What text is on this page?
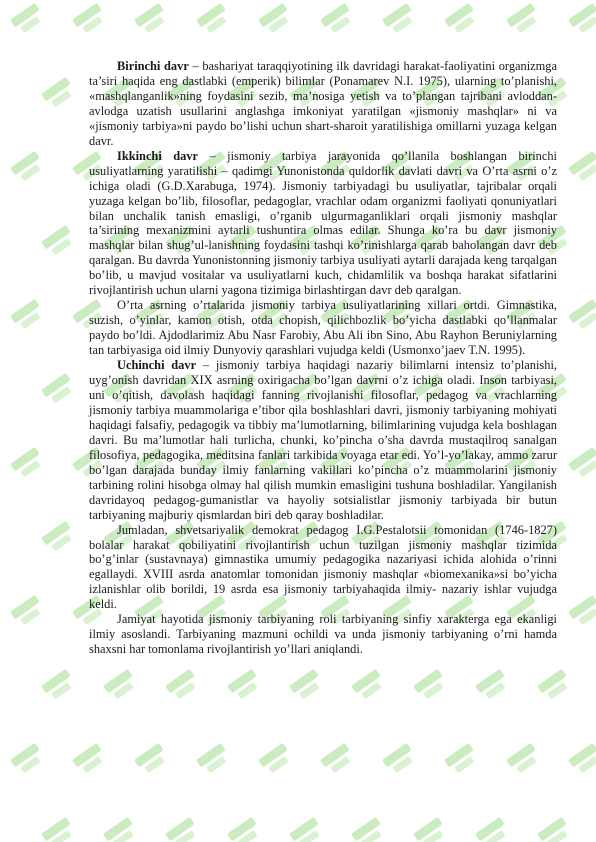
Birinchi davr – bashariyat taraqqiyotining ilk davridagi harakat-faoliyatini organizmga ta’siri haqida eng dastlabki (emperik) bilimlar (Ponamarev N.I. 1975), ularning to’planishi, «mashqlanganlik»ning foydasini sezib, ma’nosiga yetish va to’plangan tajribani avloddan-avlodga uzatish usullarini anglashga imkoniyat yaratilgan «jismoniy mashqlar» ni va «jismoniy tarbiya»ni paydo bo’lishi uchun shart-sharoit yaratilishiga omillarni yuzaga kelgan davr.

Ikkinchi davr – jismoniy tarbiya jarayonida qo’llanila boshlangan birinchi usuliyatlarning yaratilishi – qadimgi Yunonistonda quldorlik davlati davri va O’rta asrni o’z ichiga oladi (G.D.Xarabuga, 1974). Jismoniy tarbiyadagi bu usuliyatlar, tajribalar orqali yuzaga kelgan bo’lib, filosoflar, pedagoglar, vrachlar odam organizmi faoliyati qonuniyatlari bilan unchalik tanish emasligi, o’rganib ulgurmaganliklari orqali jismoniy mashqlar ta’sirining mexanizmini aytarli tushuntira olmas edilar. Shunga ko’ra bu davr jismoniy mashqlar bilan shug’ul-lanishning foydasini tashqi ko’rinishlarga qarab baholangan davr deb qaralgan. Bu davrda Yunonistonning jismoniy tarbiya usuliyati aytarli darajada keng tarqalgan bo’lib, u mavjud vositalar va usuliyatlarni kuch, chidamlilik va boshqa harakat sifatlarini rivojlantirish uchun ularni yagona tizimiga birlashtirgan davr deb qaralgan.

O’rta asrning o’rtalarida jismoniy tarbiya usuliyatlarining xillari ortdi. Gimnastika, suzish, o’yinlar, kamon otish, otda chopish, qilichbozlik bo’yicha dastlabki qo’llanmalar paydo bo’ldi. Ajdodlarimiz Abu Nasr Farobiy, Abu Ali ibn Sino, Abu Rayhon Beruniylarning tan tarbiyasiga oid ilmiy Dunyoviy qarashlari vujudga keldi (Usmonxo’jaev T.N. 1995).

Uchinchi davr – jismoniy tarbiya haqidagi nazariy bilimlarni intensiz to’planishi, uyg’onish davridan XIX asrning oxirigacha bo’lgan davrni o’z ichiga oladi. Inson tarbiyasi, uni o’qitish, davolash haqidagi fanning rivojlanishi filosoflar, pedagog va vrachlarning jismoniy tarbiya muammolariga e’tibor qila boshlashlari davri, jismoniy tarbiyaning mohiyati haqidagi falsafiy, pedagogik va tibbiy ma’lumotlarning, bilimlarining vujudga kela boshlagan davri. Bu ma’lumotlar hali turlicha, chunki, ko’pincha o’sha davrda mustaqilroq sanalgan filosofiya, pedagogika, meditsina fanlari tarkibida voyaga etar edi. Yo’l-yo’lakay, ammo zarur bo’lgan darajada bunday ilmiy fanlarning vakillari ko’pincha o’z muammolarini jismoniy tarbining rolini hisobga olmay hal qilish mumkin emasligini tushuna boshladilar. Yangilanish davridayoq pedagog-gumanistlar va hayoliy sotsialistlar jismoniy tarbiyada bir butun tarbiyaning majburiy qismlardan biri deb qaray boshladilar.

Jumladan, shvetsariyalik demokrat pedagog I.G.Pestalotsii tomonidan (1746-1827) bolalar harakat qobiliyatini rivojlantirish uchun tuzilgan jismoniy mashqlar tizimida bo’g’inlar (sustavnaya) gimnastika umumiy pedagogika nazariyasi ichida alohida o’rinni egallaydi. XVIII asrda anatomlar tomonidan jismoniy mashqlar «biomexanika»si bo’yicha izlanishlar olib borildi, 19 asrda esa jismoniy tarbiyahaqida ilmiy- nazariy ishlar vujudga keldi.

Jamiyat hayotida jismoniy tarbiyaning roli tarbiyaning sinfiy xarakterga ega ekanligi ilmiy asoslandi. Tarbiyaning mazmuni ochildi va unda jismoniy tarbiyaning o’rni hamda shaxsni har tomonlama rivojlantirish yo’llari aniqlandi.
